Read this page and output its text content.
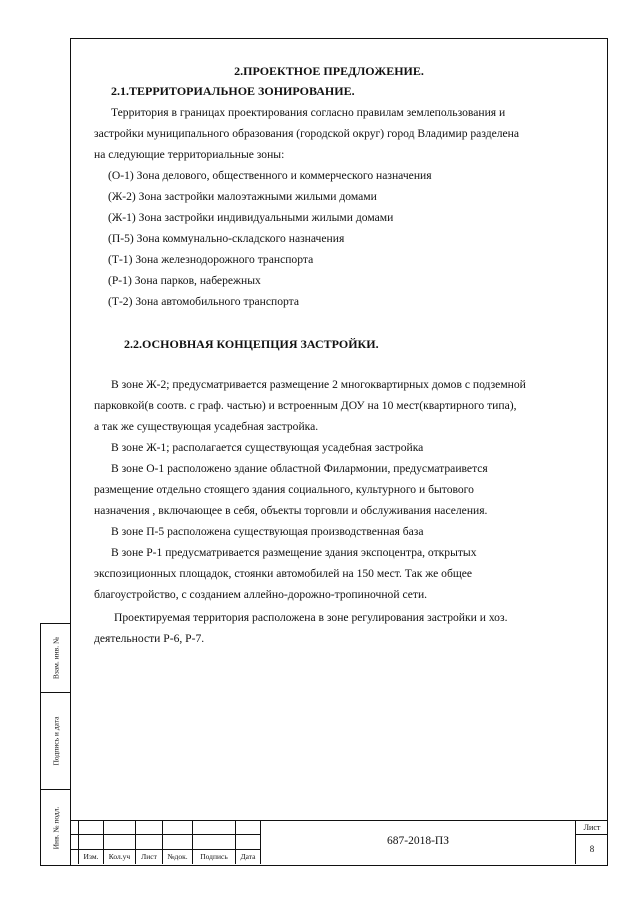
Взам. инв. №
Подпись и дата
Инв. № подл.
2.ПРОЕКТНОЕ ПРЕДЛОЖЕНИЕ.
2.1.ТЕРРИТОРИАЛЬНОЕ ЗОНИРОВАНИЕ.
Территория в границах проектирования согласно правилам землепользования и
застройки муниципального образования (городской округ) город Владимир разделена
на следующие территориальные зоны:
(О-1) Зона делового, общественного и коммерческого назначения
(Ж-2) Зона застройки малоэтажными жилыми домами
(Ж-1) Зона застройки индивидуальными жилыми домами
(П-5) Зона коммунально-складского назначения
(Т-1) Зона железнодорожного транспорта
(Р-1) Зона парков, набережных
(Т-2) Зона автомобильного транспорта
2.2.ОСНОВНАЯ КОНЦЕПЦИЯ ЗАСТРОЙКИ.
В зоне Ж-2; предусматривается размещение 2 многоквартирных домов с подземной
парковкой(в соотв. с граф. частью) и встроенным ДОУ на 10 мест(квартирного типа),
а так же существующая усадебная застройка.
В зоне Ж-1; располагается существующая усадебная застройка
В зоне О-1 расположено здание областной Филармонии, предусматраивется
размещение отдельно стоящего здания социального, культурного и бытового
назначения , включающее в себя, объекты торговли и обслуживания населения.
В зоне П-5 расположена существующая производственная база
В зоне Р-1 предусматривается размещение здания экспоцентра, открытых
экспозиционных площадок, стоянки автомобилей на 150 мест. Так же общее
благоустройство, с созданием аллейно-дорожно-тропиночной сети.
Проектируемая территория расположена в зоне регулирования застройки и хоз.
деятельности Р-6, Р-7.
Изм.	Кол.уч	Лист	№док.	Подпись	Дата
687-2018-ПЗ
Лист
8
